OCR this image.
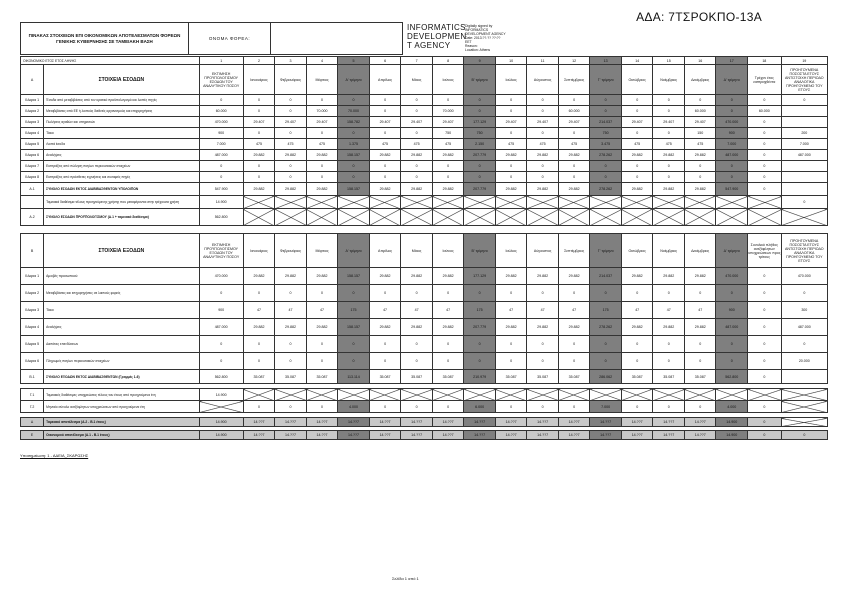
ΑΔΑ: 7ΤΣΡΟΚΠΟ-13Α
ΠΙΝΑΚΑΣ ΣΤΟΙΧΕΙΩΝ ΕΠΙ ΟΙΚΟΝΟΜΙΚΩΝ ΑΠΟΤΕΛΕΣΜΑΤΩΝ ΦΟΡΕΩΝ ΓΕΝΙΚΗΣ ΚΥΒΕΡΝΗΣΗΣ ΣΕ ΤΑΜΕΙΑΚΗ ΒΑΣΗ	ΟΝΟΜΑ ΦΟΡΕΑ:		
INFORMATICS DEVELOPMEN T AGENCY
Digitally signed by
INFORMATICS
DEVELOPMENT AGENCY
Date: 2013.??.?? ??:??
EET
Reason:
Location: Athens
ΟΙΚΟΝΟΜΙΚΟ ΕΤΟΣ ΕΤΟΣ ΛΗΨΗΣ		1	2	3	4	5	6	7	8	9	10	11	12	13	14	15	16	17	18	19
Α	ΣΤΟΙΧΕΙΑ ΕΣΟΔΩΝ	ΕΚΤΙΜΗΣΗ ΠΡΟΫΠΟΛΟΓΙΣΜΟΥ ΕΣΟΔΩΝ ΤΟΥ ΑΝΑΛΥΤΙΚΟΥ ΠΟΣΟΥ	Ιανουάριος	Φεβρουάριος	Μάρτιος	Α' τρίμηνο	Απρίλιος	Μάιος	Ιούνιος	Β' τρίμηνο	Ιούλιος	Αύγουστος	Σεπτέμβριος	Γ' τρίμηνο	Οκτώβριος	Νοέμβριος	Δεκέμβριος	Δ' τρίμηνο	Τρέχον έτος εισπραχθέντα	ΠΡΟΗΓΟΥΜΕΝΑ ΠΟΣΟΣΤΑ ΕΤΟΥΣ ΑΝΤΙΣΤΟΙΧΗ ΠΕΡΙΟΔΟ ΑΝΑΛΟΓΙΚΑ ΠΡΟΗΓΟΥΜΕΝΟ ΤΟΥ ΕΤΟΥΣ
Ιλλαρια 1	Έσοδα από μεταβιβάσεις από τον κρατικό προϋπολογισμό και λοιπές πηγές	0	0	0	0	0	0	0	0	0	0	0	0	0	0	0	0	0	0	0
Ιλλαρια 2	Μεταβιβάσεις από ΕΕ ή λοιπούς διεθνείς οργανισμούς και επιχορηγήσεις	60.000	0	0	70.000	70.000	0	0	70.000	0	0	0	60.000	0	0	0	60.000	0	60.000	
Ιλλαρια 3	Πωλήσεις αγαθών και υπηρεσιών	470.000	29.407	29.407	29.407	158.782	29.407	29.407	29.407	177.129	29.407	29.407	29.407	214.037	29.407	29.407	29.407	470.000	0	
Ιλλαρια 4	Τόκοι	900	0	0	0	0	0	0	750	750	0	0	0	750	0	0	150	900	0	200
Ιλλαρια 5	Λοιπά έσοδα	7.000	475	475	475	1.375	475	475	475	2.150	475	475	475	3.475	475	475	475	7.000	0	7.000
Ιλλαρια 6	Αναλήψεις	487.000	29.882	29.882	29.882	158.157	29.882	29.882	29.882	207.779	29.882	29.882	29.882	278.262	29.882	29.882	29.882	487.000	0	487.000
Ιλλαρια 7	Εισπράξεις από πώληση παγίων περιουσιακών στοιχείων	0	0	0	0	0	0	0	0	0	0	0	0	0	0	0	0	0	0	
Ιλλαρια 8	Εισπράξεις από πρόσθετες εγγυήσεις και συναφείς πηγές	0	0	0	0	0	0	0	0	0	0	0	0	0	0	0	0	0	0	
Α.1	ΣΥΝΟΛΟ ΕΣΟΔΩΝ ΕΚΤΟΣ ΔΙΑΒΙΒΑΣΘΕΝΤΩΝ ΥΠΟΛΟΙΠΩΝ	547.900	29.882	29.882	29.882	158.157	29.882	29.882	29.882	207.779	29.882	29.882	29.882	278.262	29.882	29.882	29.882	547.900	0	
	Ταμειακά διαθέσιμα τέλους προηγούμενης χρήσης που μεταφέρονται στην τρέχουσα χρήση	14.900																		0
Α.2	ΣΥΝΟΛΟ ΕΣΟΔΩΝ ΠΡΟΫΠΟΛΟΓΙΣΜΟΥ (Α.1 + ταμειακά διαθέσιμα)	562.800																		

Β	ΣΤΟΙΧΕΙΑ ΕΞΟΔΩΝ	ΕΚΤΙΜΗΣΗ ΠΡΟΫΠΟΛΟΓΙΣΜΟΥ ΕΞΟΔΩΝ ΤΟΥ ΑΝΑΛΥΤΙΚΟΥ ΠΟΣΟΥ	Ιανουάριος	Φεβρουάριος	Μάρτιος	Α' τρίμηνο	Απρίλιος	Μάιος	Ιούνιος	Β' τρίμηνο	Ιούλιος	Αύγουστος	Σεπτέμβριος	Γ' τρίμηνο	Οκτώβριος	Νοέμβριος	Δεκέμβριος	Δ' τρίμηνο	Συνολικό πλήθος ανεξόφλητων υποχρεώσεων προς τρίτους	ΠΡΟΗΓΟΥΜΕΝΑ ΠΟΣΟΣΤΑ ΕΤΟΥΣ ΑΝΤΙΣΤΟΙΧΗ ΠΕΡΙΟΔΟ ΑΝΑΛΟΓΙΚΑ ΠΡΟΗΓΟΥΜΕΝΟ ΤΟΥ ΕΤΟΥΣ
Ιλλαρια 1	Αμοιβές προσωπικού	470.000	29.882	29.882	29.882	158.157	29.882	29.882	29.882	177.129	29.882	29.882	29.882	214.037	29.882	29.882	29.882	470.000	0	470.000
Ιλλαρια 2	Μεταβιβάσεις και επιχορηγήσεις σε λοιπούς φορείς	0	0	0	0	0	0	0	0	0	0	0	0	0	0	0	0	0	0	0
Ιλλαρια 3	Τόκοι	900	47	47	47	175	47	47	47	175	47	47	47	175	47	47	47	900	0	300
Ιλλαρια 4	Αναλήψεις	487.000	29.882	29.882	29.882	158.157	29.882	29.882	29.882	207.779	29.882	29.882	29.882	278.262	29.882	29.882	29.882	487.000	0	487.000
Ιλλαρια 5	Δαπάνες επενδύσεων	0	0	0	0	0	0	0	0	0	0	0	0	0	0	0	0	0	0	0
Ιλλαρια 6	Πληρωμές παγίων περιουσιακών στοιχείων	0	0	0	0	0	0	0	0	0	0	0	0	0	0	0	0	0	0	20.000
Β.1	ΣΥΝΟΛΟ ΕΞΟΔΩΝ ΕΚΤΟΣ ΔΙΑΒΙΒΑΣΘΕΝΤΩΝ (Γραμμές 1-6)	562.800	35.087	35.087	35.087	113.114	35.087	35.087	35.087	210.979	35.087	35.087	35.087	286.062	35.087	35.087	35.087	562.800	0	

Γ.1	Ταμειακές διαθέσιμες υποχρεώσεις τέλους του έτους από προηγούμενα έτη	14.900																		
Γ.2	Μηνιαίο σύνολο ανεξόφλητων υποχρεώσεων από προηγούμενα έτη		0	0	0	4.000	0	0	0	6.000	0	0	0	7.000	0	0	0	4.000	0	

Δ	Ταμειακό αποτέλεσμα (Α.2 - Β.1 έτους)	14.900	14.??7	14.??7	14.??7	14.??7	14.??7	14.??7	14.??7	14.??7	14.??7	14.??7	14.??7	14.??7	14.??7	14.??7	14.??7	14.900	0	

Ε	Οικονομικό αποτέλεσμα (Α.1 - Β.1 έτους)	14.900	14.??7	14.??7	14.??7	14.??7	14.??7	14.??7	14.??7	14.??7	14.??7	14.??7	14.??7	14.??7	14.??7	14.??7	14.??7	14.900	0	0
Υποσημείωση: 1 - ΑΔΕΙΑ_ΣΚΑΡΩΣΗΣ
Σελίδα 1 από 1
